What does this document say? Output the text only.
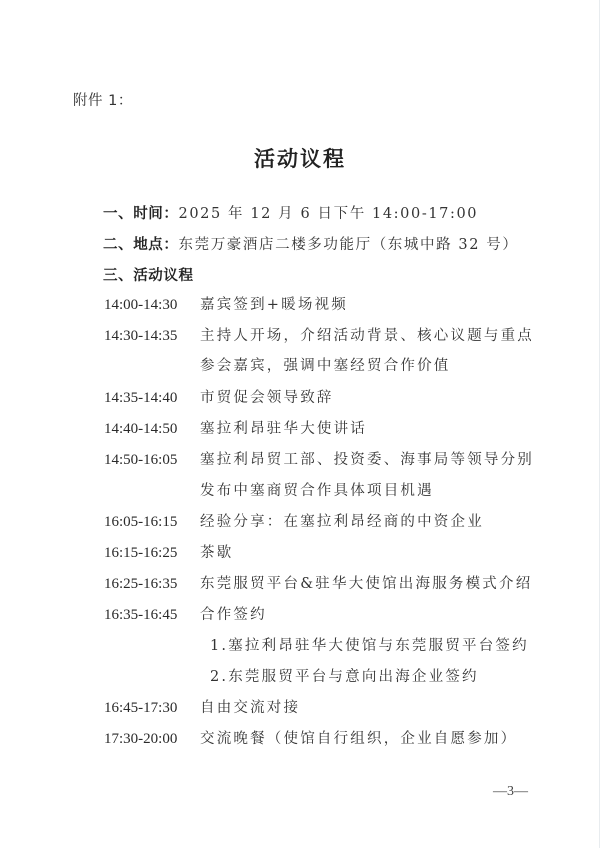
附件 1：
活动议程
一、时间：2025 年 12 月 6 日下午 14:00-17:00
二、地点：东莞万豪酒店二楼多功能厅（东城中路 32 号）
三、活动议程
14:00-14:30 嘉宾签到+暖场视频
14:30-14:35 主持人开场，介绍活动背景、核心议题与重点
参会嘉宾，强调中塞经贸合作价值
14:35-14:40 市贸促会领导致辞
14:40-14:50 塞拉利昂驻华大使讲话
14:50-16:05 塞拉利昂贸工部、投资委、海事局等领导分别
发布中塞商贸合作具体项目机遇
16:05-16:15 经验分享：在塞拉利昂经商的中资企业
16:15-16:25 茶歇
16:25-16:35 东莞服贸平台&驻华大使馆出海服务模式介绍
16:35-16:45 合作签约
1.塞拉利昂驻华大使馆与东莞服贸平台签约
2.东莞服贸平台与意向出海企业签约
16:45-17:30 自由交流对接
17:30-20:00 交流晚餐（使馆自行组织，企业自愿参加）
—3—
